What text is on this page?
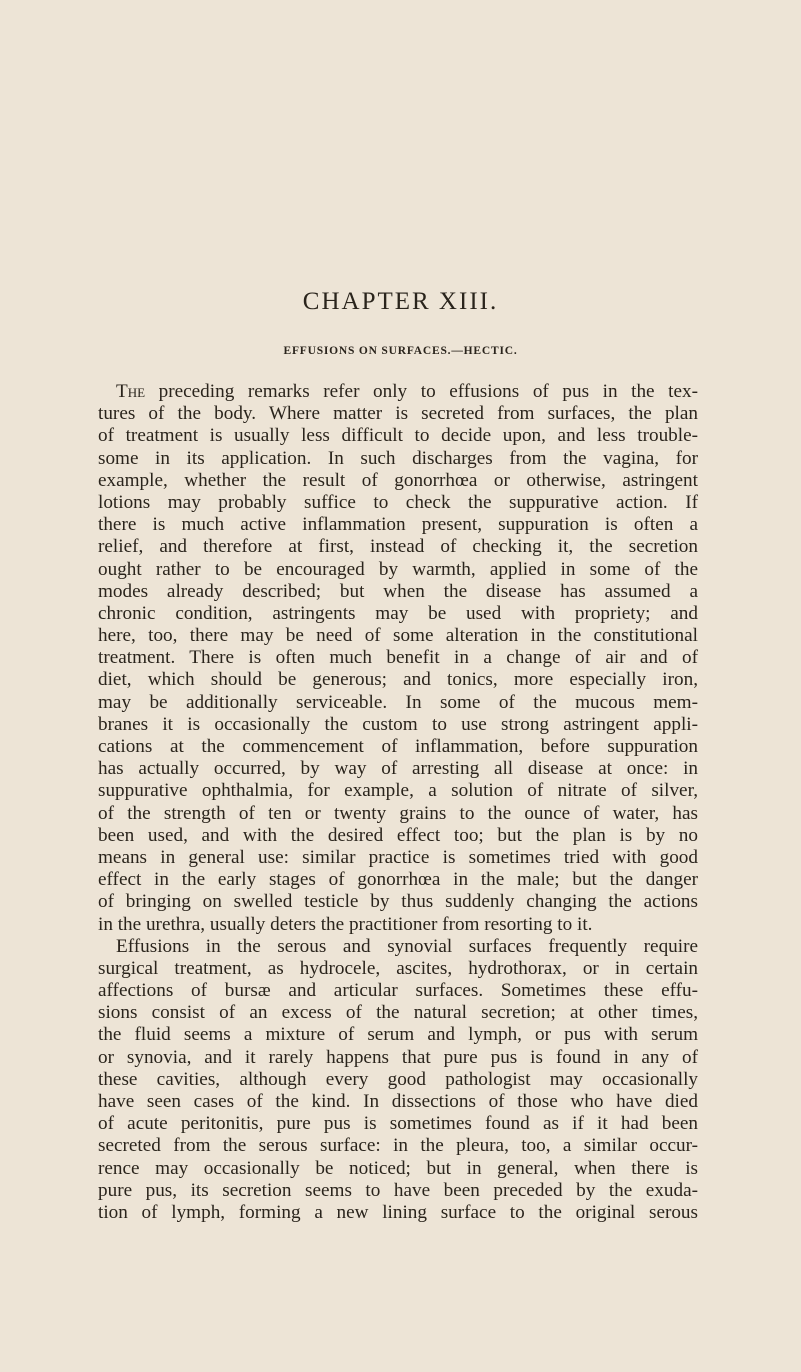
CHAPTER XIII.
EFFUSIONS ON SURFACES.—HECTIC.
The preceding remarks refer only to effusions of pus in the tex-
tures of the body. Where matter is secreted from surfaces, the plan
of treatment is usually less difficult to decide upon, and less trouble-
some in its application. In such discharges from the vagina, for
example, whether the result of gonorrhœa or otherwise, astringent
lotions may probably suffice to check the suppurative action. If
there is much active inflammation present, suppuration is often a
relief, and therefore at first, instead of checking it, the secretion
ought rather to be encouraged by warmth, applied in some of the
modes already described; but when the disease has assumed a
chronic condition, astringents may be used with propriety; and
here, too, there may be need of some alteration in the constitutional
treatment. There is often much benefit in a change of air and of
diet, which should be generous; and tonics, more especially iron,
may be additionally serviceable. In some of the mucous mem-
branes it is occasionally the custom to use strong astringent appli-
cations at the commencement of inflammation, before suppuration
has actually occurred, by way of arresting all disease at once: in
suppurative ophthalmia, for example, a solution of nitrate of silver,
of the strength of ten or twenty grains to the ounce of water, has
been used, and with the desired effect too; but the plan is by no
means in general use: similar practice is sometimes tried with good
effect in the early stages of gonorrhœa in the male; but the danger
of bringing on swelled testicle by thus suddenly changing the actions
in the urethra, usually deters the practitioner from resorting to it.
Effusions in the serous and synovial surfaces frequently require
surgical treatment, as hydrocele, ascites, hydrothorax, or in certain
affections of bursæ and articular surfaces. Sometimes these effu-
sions consist of an excess of the natural secretion; at other times,
the fluid seems a mixture of serum and lymph, or pus with serum
or synovia, and it rarely happens that pure pus is found in any of
these cavities, although every good pathologist may occasionally
have seen cases of the kind. In dissections of those who have died
of acute peritonitis, pure pus is sometimes found as if it had been
secreted from the serous surface: in the pleura, too, a similar occur-
rence may occasionally be noticed; but in general, when there is
pure pus, its secretion seems to have been preceded by the exuda-
tion of lymph, forming a new lining surface to the original serous
